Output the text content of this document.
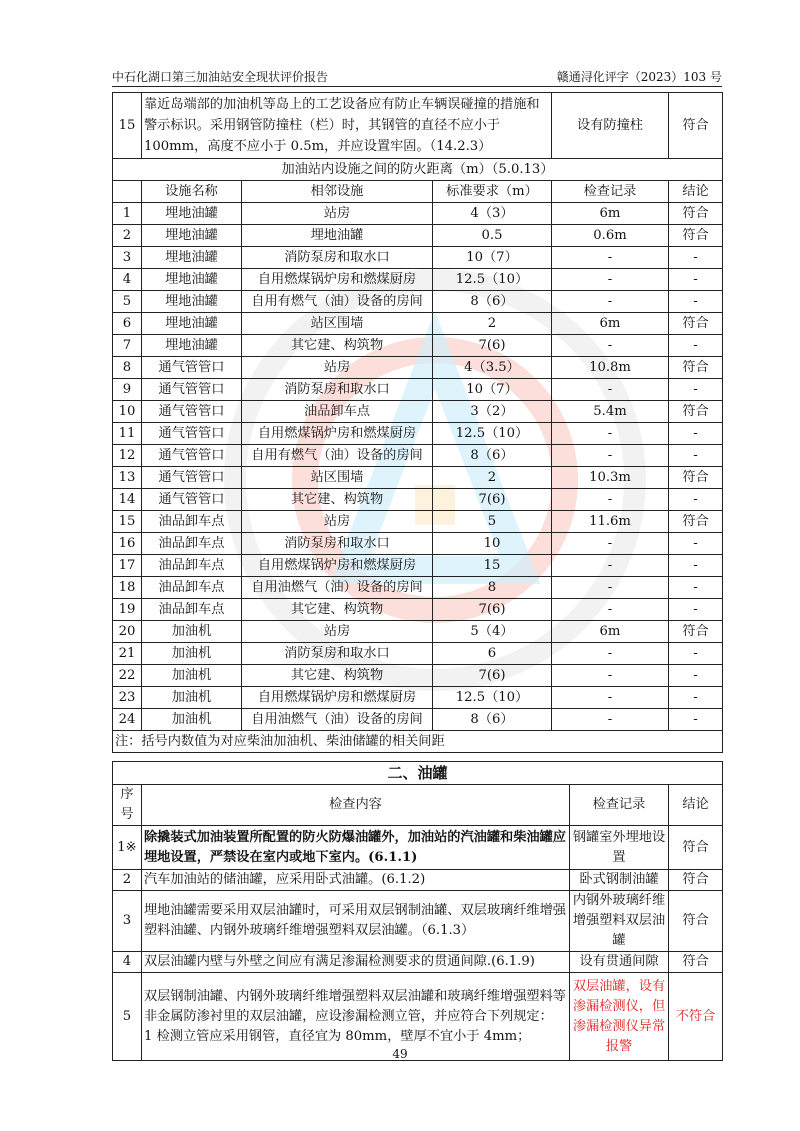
中石化湖口第三加油站安全现状评价报告	赣通浔化评字（2023）103 号
15	靠近岛端部的加油机等岛上的工艺设备应有防止车辆误碰撞的措施和警示标识。采用钢管防撞柱（栏）时，其钢管的直径不应小于 100mm，高度不应小于 0.5m，并应设置牢固。（14.2.3）			设有防撞柱	符合
加油站内设施之间的防火距离（m）（5.0.13）					
	设施名称	相邻设施	标准要求（m）	检查记录	结论
1	埋地油罐	站房	4（3）	6m	符合
2	埋地油罐	埋地油罐	0.5	0.6m	符合
3	埋地油罐	消防泵房和取水口	10（7）	-	-
4	埋地油罐	自用燃煤锅炉房和燃煤厨房	12.5（10）	-	-
5	埋地油罐	自用有燃气（油）设备的房间	8（6）	-	-
6	埋地油罐	站区围墙	2	6m	符合
7	埋地油罐	其它建、构筑物	7(6)	-	-
8	通气管管口	站房	4（3.5）	10.8m	符合
9	通气管管口	消防泵房和取水口	10（7）	-	-
10	通气管管口	油品卸车点	3（2）	5.4m	符合
11	通气管管口	自用燃煤锅炉房和燃煤厨房	12.5（10）	-	-
12	通气管管口	自用有燃气（油）设备的房间	8（6）	-	-
13	通气管管口	站区围墙	2	10.3m	符合
14	通气管管口	其它建、构筑物	7(6)	-	-
15	油品卸车点	站房	5	11.6m	符合
16	油品卸车点	消防泵房和取水口	10	-	-
17	油品卸车点	自用燃煤锅炉房和燃煤厨房	15	-	-
18	油品卸车点	自用油燃气（油）设备的房间	8	-	-
19	油品卸车点	其它建、构筑物	7(6)	-	-
20	加油机	站房	5（4）	6m	符合
21	加油机	消防泵房和取水口	6	-	-
22	加油机	其它建、构筑物	7(6)	-	-
23	加油机	自用燃煤锅炉房和燃煤厨房	12.5（10）	-	-
24	加油机	自用油燃气（油）设备的房间	8（6）	-	-
注：括号内数值为对应柴油加油机、柴油储罐的相关间距					
二、油罐			
序号	检查内容	检查记录	结论
1※	除撬装式加油装置所配置的防火防爆油罐外，加油站的汽油罐和柴油罐应埋地设置，严禁设在室内或地下室内。(6.1.1)	钢罐室外埋地设置	符合
2	汽车加油站的储油罐，应采用卧式油罐。(6.1.2)	卧式钢制油罐	符合
3	埋地油罐需要采用双层油罐时，可采用双层钢制油罐、双层玻璃纤维增强塑料油罐、内钢外玻璃纤维增强塑料双层油罐。（6.1.3）	内钢外玻璃纤维增强塑料双层油罐	符合
4	双层油罐内壁与外壁之间应有满足渗漏检测要求的贯通间隙.(6.1.9)	设有贯通间隙	符合
5	双层钢制油罐、内钢外玻璃纤维增强塑料双层油罐和玻璃纤维增强塑料等非金属防渗衬里的双层油罐，应设渗漏检测立管，并应符合下列规定：
1 检测立管应采用钢管，直径宜为 80mm，壁厚不宜小于 4mm；	双层油罐，设有渗漏检测仪，但渗漏检测仪异常报警	不符合
49
